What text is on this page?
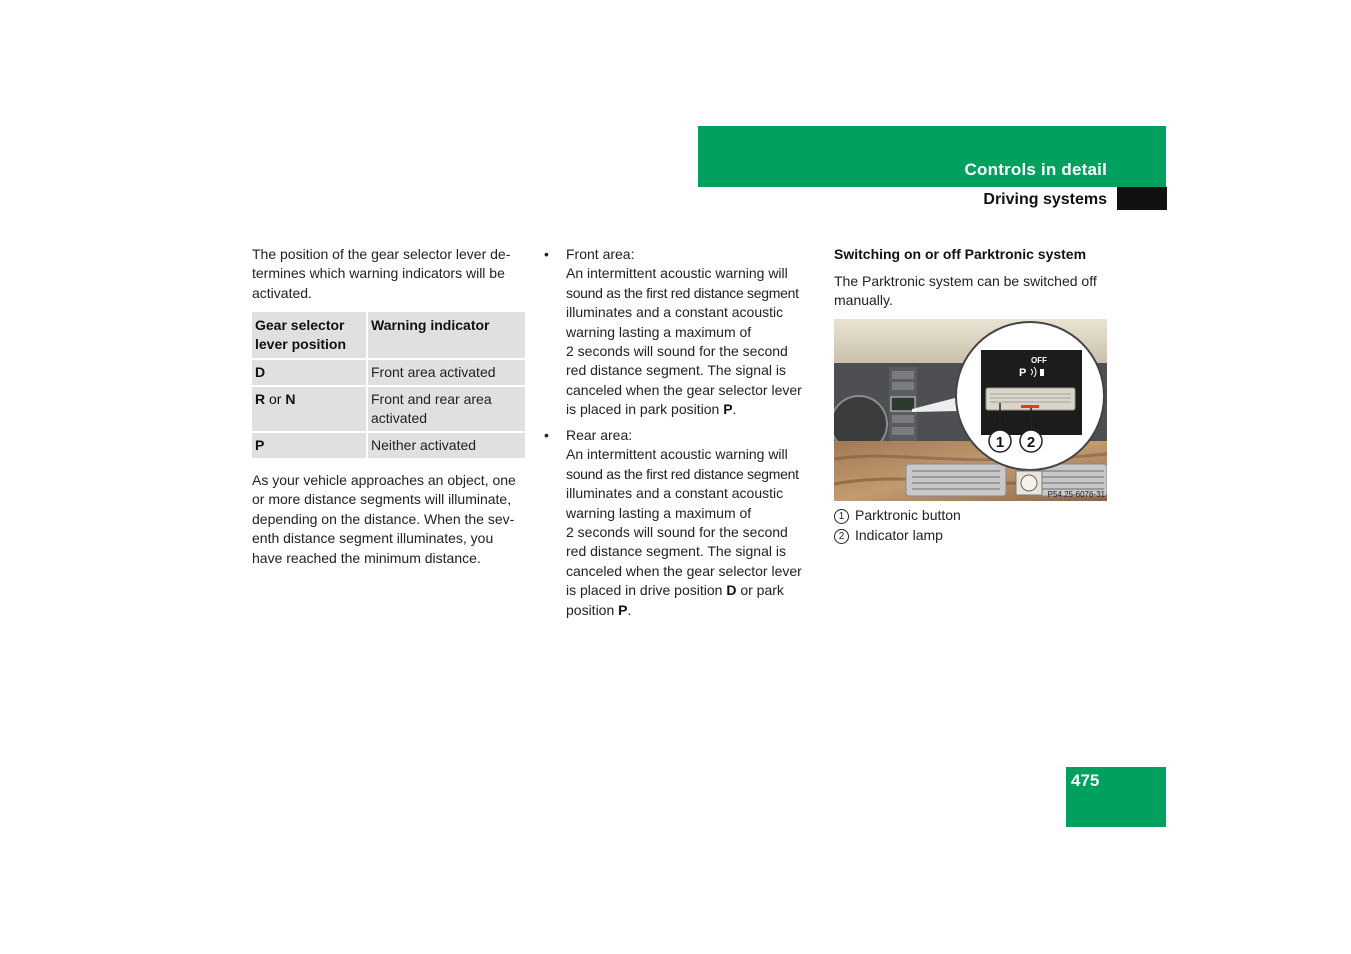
Controls in detail
Driving systems
The position of the gear selector lever de-
termines which warning indicators will be
activated.
Gear selector
lever position	Warning indicator

D	Front area activated
R or N	Front and rear area
activated

P	Neither activated
As your vehicle approaches an object, one
or more distance segments will illuminate,
depending on the distance. When the sev-
enth distance segment illuminates, you
have reached the minimum distance.
• Front area:
An intermittent acoustic warning will
sound as the first red distance segment
illuminates and a constant acoustic
warning lasting a maximum of
2 seconds will sound for the second
red distance segment. The signal is
canceled when the gear selector lever
is placed in park position P.
• Rear area:
An intermittent acoustic warning will
sound as the first red distance segment
illuminates and a constant acoustic
warning lasting a maximum of
2 seconds will sound for the second
red distance segment. The signal is
canceled when the gear selector lever
is placed in drive position D or park
position P.
Switching on or off Parktronic system
The Parktronic system can be switched off
manually.
OFF
P
1 2
P54.25-6076-31
1 Parktronic button
2 Indicator lamp
475
